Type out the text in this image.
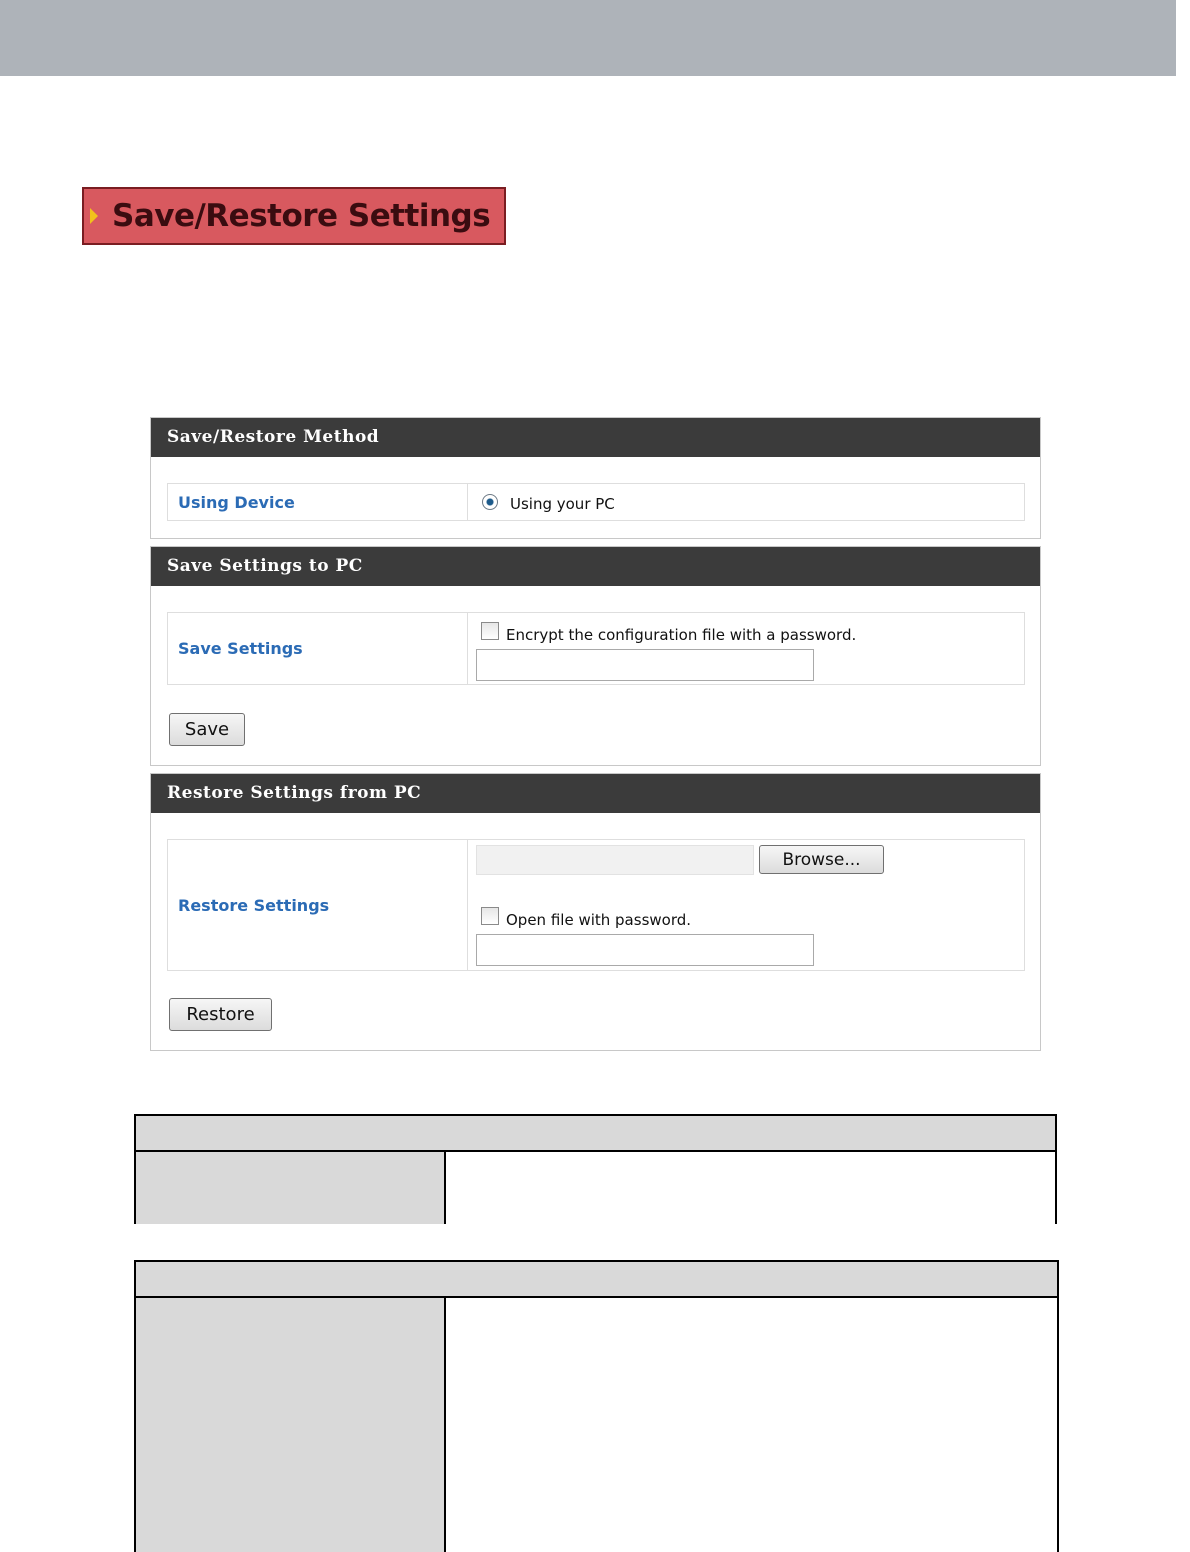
Save/Restore Settings
Save/Restore Method
Using Device	Using your PC
Save Settings to PC
Save Settings
Encrypt the configuration file with a password.
Save
Restore Settings from PC
Restore Settings
Browse...
Open file with password.
Restore
